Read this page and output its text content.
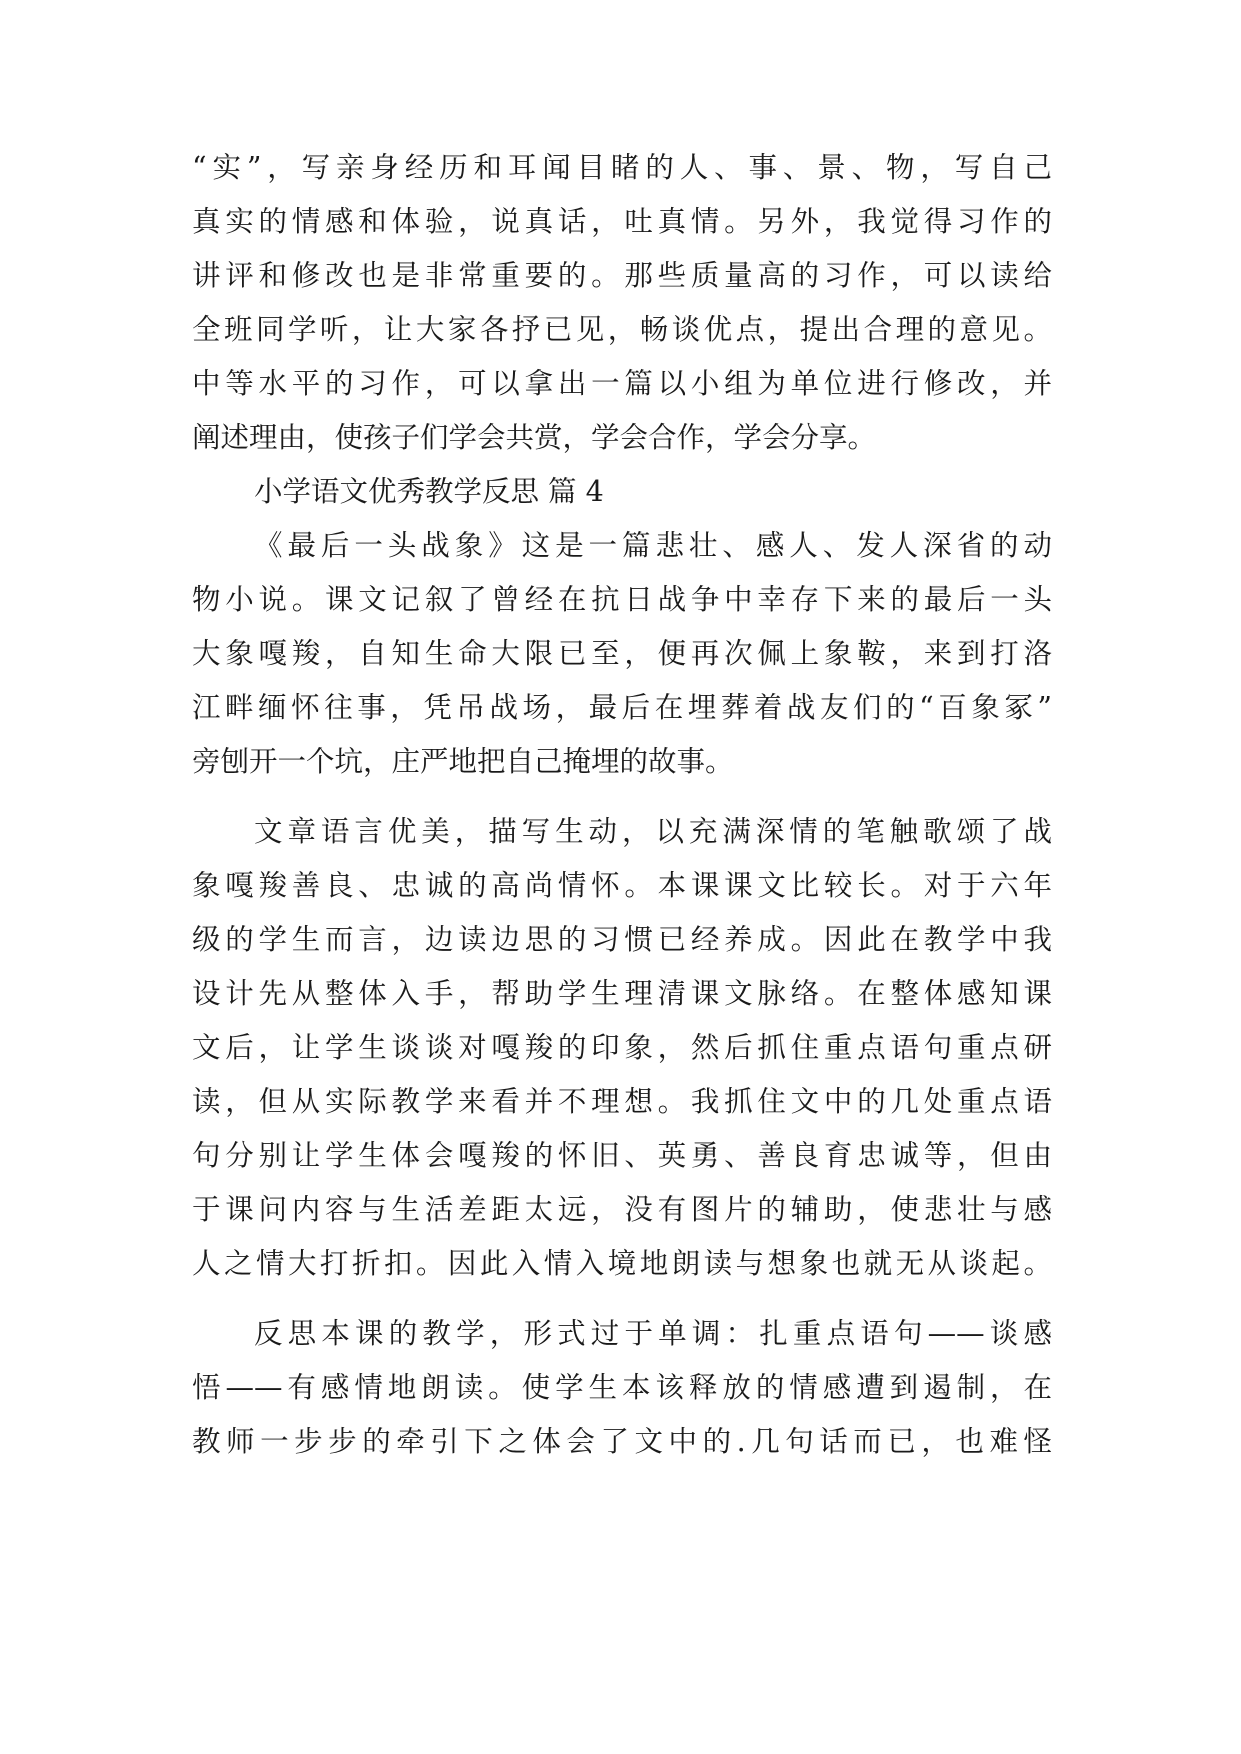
“实”，写亲身经历和耳闻目睹的人、事、景、物，写自己
真实的情感和体验，说真话，吐真情。另外，我觉得习作的
讲评和修改也是非常重要的。那些质量高的习作，可以读给
全班同学听，让大家各抒已见，畅谈优点，提出合理的意见。
中等水平的习作，可以拿出一篇以小组为单位进行修改，并
阐述理由，使孩子们学会共赏，学会合作，学会分享。
小学语文优秀教学反思 篇 4
《最后一头战象》这是一篇悲壮、感人、发人深省的动
物小说。课文记叙了曾经在抗日战争中幸存下来的最后一头
大象嘎羧，自知生命大限已至，便再次佩上象鞍，来到打洛
江畔缅怀往事，凭吊战场，最后在埋葬着战友们的“百象冢”
旁刨开一个坑，庄严地把自己掩埋的故事。
文章语言优美，描写生动，以充满深情的笔触歌颂了战
象嘎羧善良、忠诚的高尚情怀。本课课文比较长。对于六年
级的学生而言，边读边思的习惯已经养成。因此在教学中我
设计先从整体入手，帮助学生理清课文脉络。在整体感知课
文后，让学生谈谈对嘎羧的印象，然后抓住重点语句重点研
读，但从实际教学来看并不理想。我抓住文中的几处重点语
句分别让学生体会嘎羧的怀旧、英勇、善良育忠诚等，但由
于课问内容与生活差距太远，没有图片的辅助，使悲壮与感
人之情大打折扣。因此入情入境地朗读与想象也就无从谈起。
反思本课的教学，形式过于单调：扎重点语句——谈感
悟——有感情地朗读。使学生本该释放的情感遭到遏制，在
教师一步步的牵引下之体会了文中的.几句话而已，也难怪
